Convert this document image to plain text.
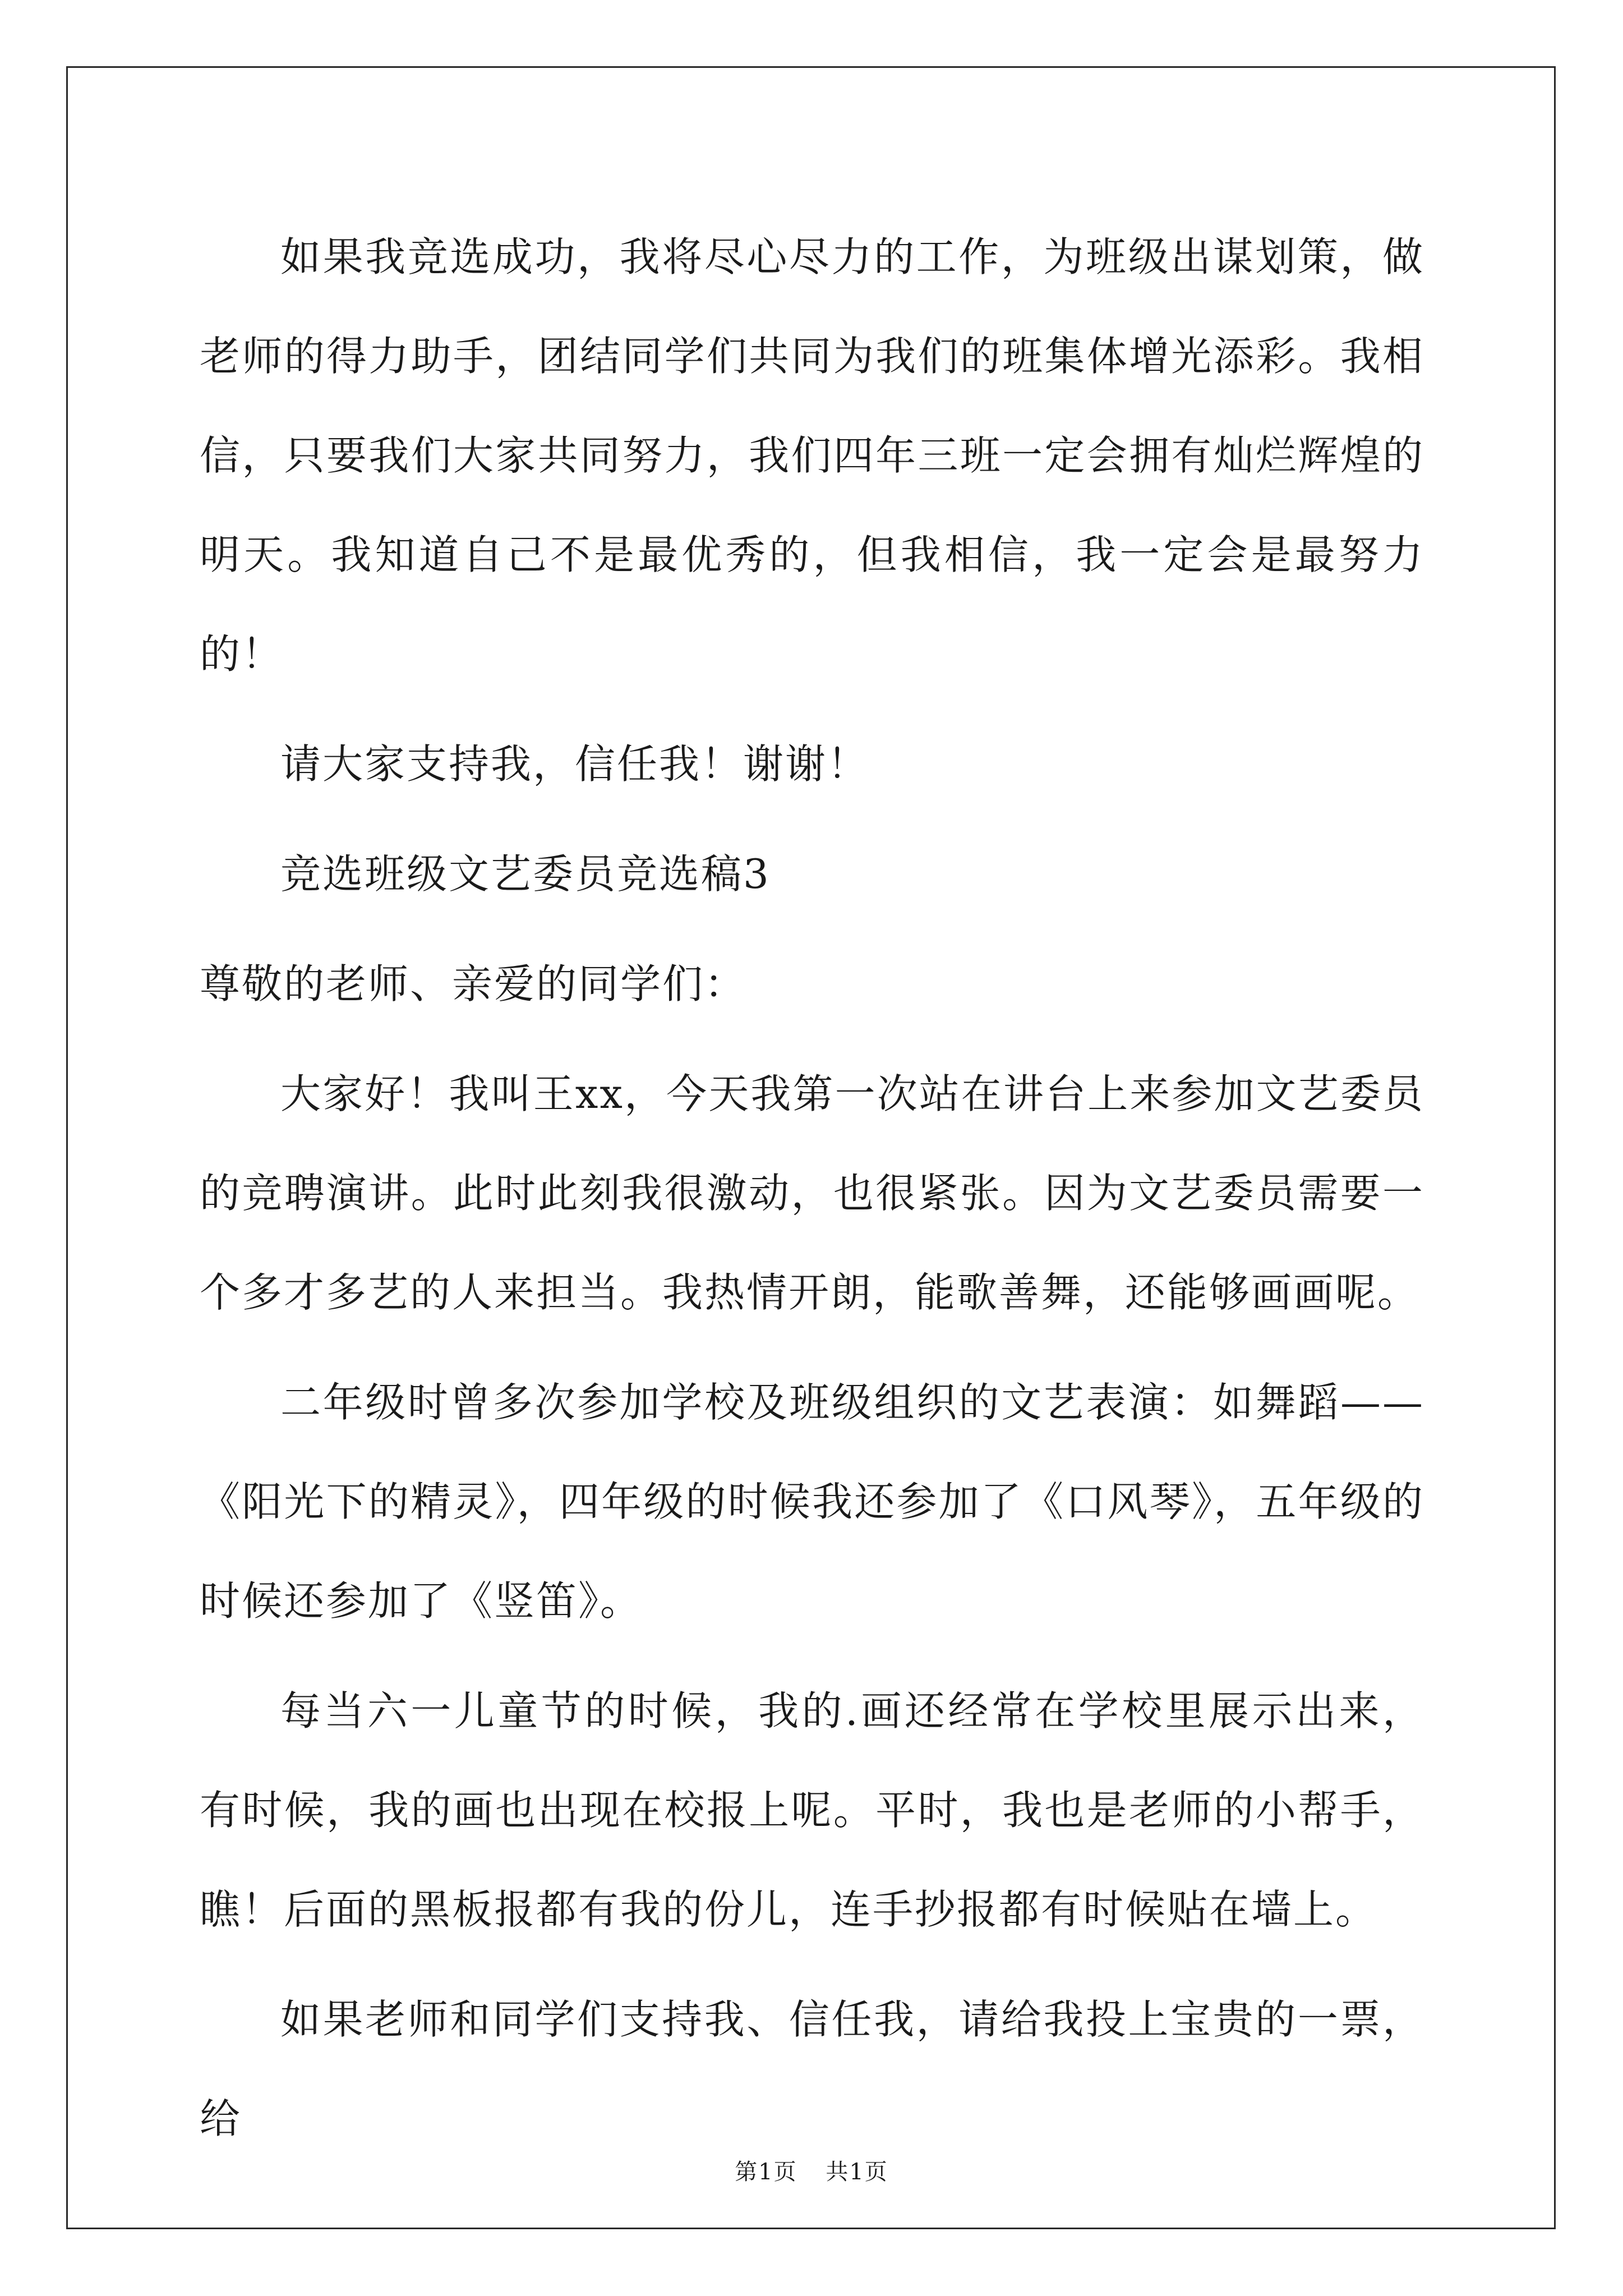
如果我竞选成功，我将尽心尽力的工作，为班级出谋划策，做老师的得力助手，团结同学们共同为我们的班集体增光添彩。我相信，只要我们大家共同努力，我们四年三班一定会拥有灿烂辉煌的明天。我知道自己不是最优秀的，但我相信，我一定会是最努力的！

请大家支持我，信任我！谢谢！

竞选班级文艺委员竞选稿3

尊敬的老师、亲爱的同学们：

大家好！我叫王xx，今天我第一次站在讲台上来参加文艺委员的竞聘演讲。此时此刻我很激动，也很紧张。因为文艺委员需要一个多才多艺的人来担当。我热情开朗，能歌善舞，还能够画画呢。

二年级时曾多次参加学校及班级组织的文艺表演：如舞蹈——《阳光下的精灵》，四年级的时候我还参加了《口风琴》，五年级的时候还参加了《竖笛》。

每当六一儿童节的时候，我的.画还经常在学校里展示出来，有时候，我的画也出现在校报上呢。平时，我也是老师的小帮手，瞧！后面的黑板报都有我的份儿，连手抄报都有时候贴在墙上。

如果老师和同学们支持我、信任我，请给我投上宝贵的一票，给

第1页 共1页
